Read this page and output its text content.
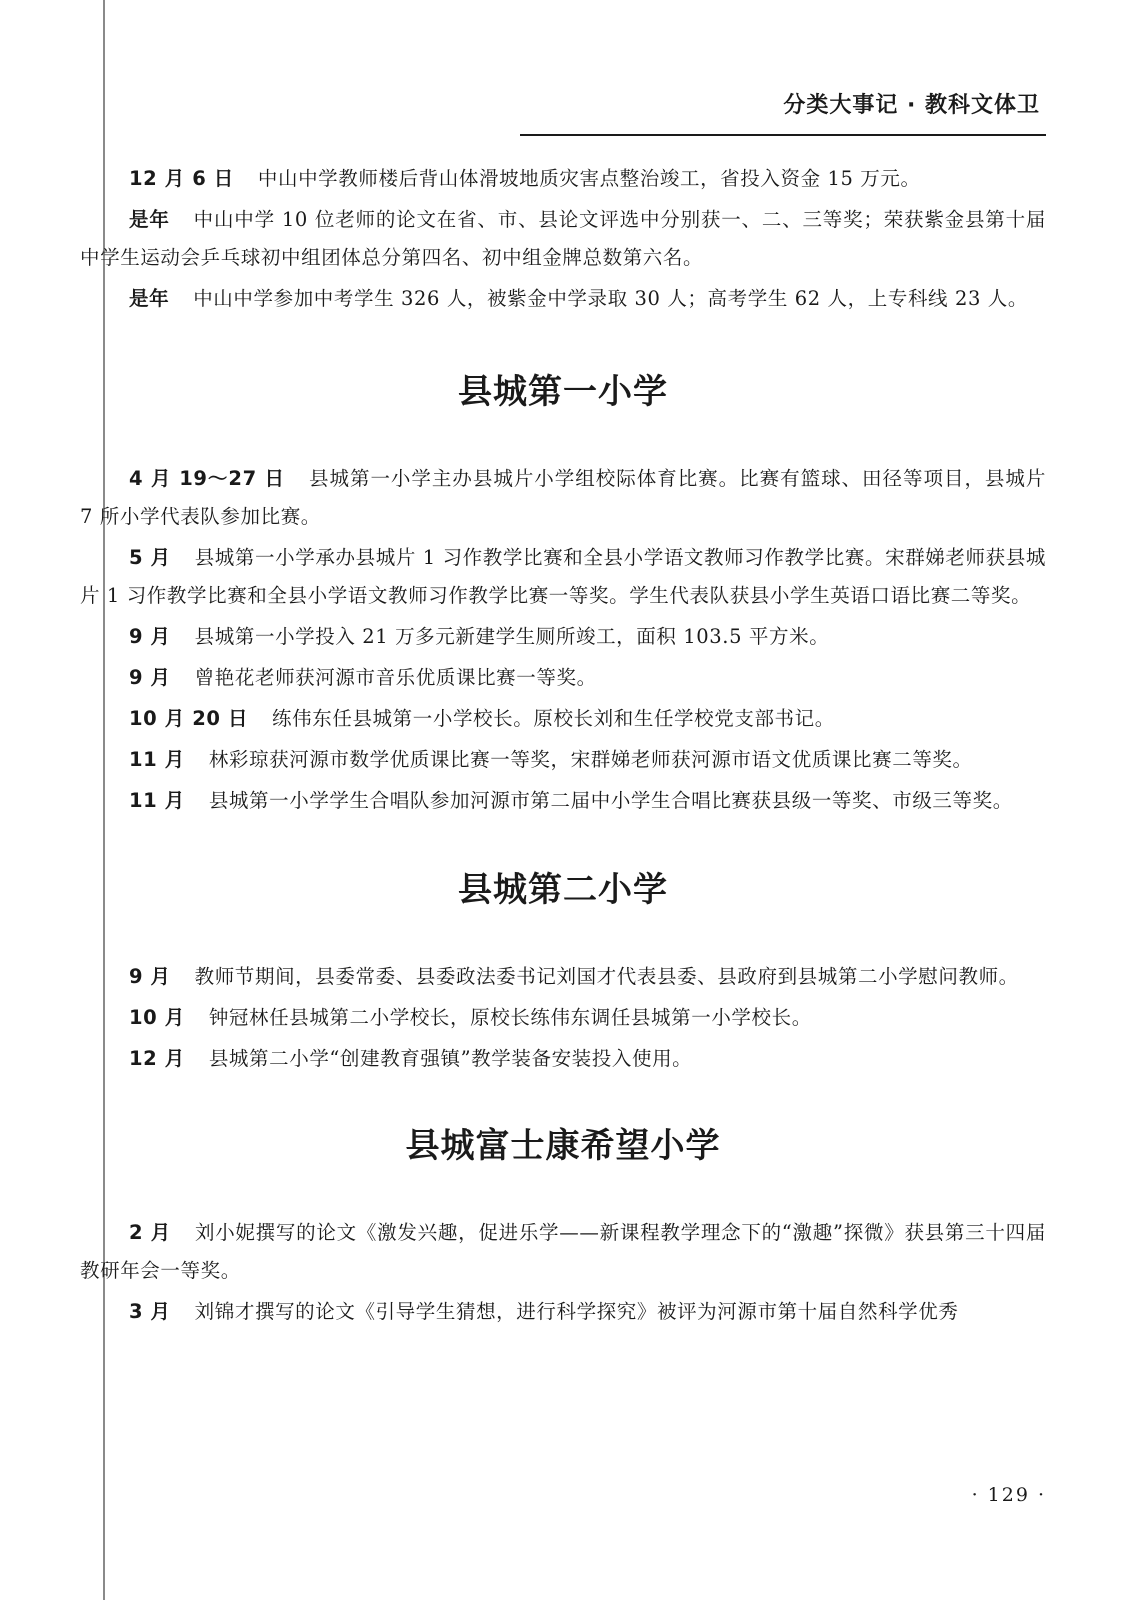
分类大事记 · 教科文体卫

12 月 6 日 中山中学教师楼后背山体滑坡地质灾害点整治竣工，省投入资金 15 万元。

是年 中山中学 10 位老师的论文在省、市、县论文评选中分别获一、二、三等奖；荣获紫金县第十届中学生运动会乒乓球初中组团体总分第四名、初中组金牌总数第六名。

是年 中山中学参加中考学生 326 人，被紫金中学录取 30 人；高考学生 62 人，上专科线 23 人。

县城第一小学

4 月 19～27 日 县城第一小学主办县城片小学组校际体育比赛。比赛有篮球、田径等项目，县城片 7 所小学代表队参加比赛。

5 月 县城第一小学承办县城片 1 习作教学比赛和全县小学语文教师习作教学比赛。宋群娣老师获县城片 1 习作教学比赛和全县小学语文教师习作教学比赛一等奖。学生代表队获县小学生英语口语比赛二等奖。

9 月 县城第一小学投入 21 万多元新建学生厕所竣工，面积 103.5 平方米。

9 月 曾艳花老师获河源市音乐优质课比赛一等奖。

10 月 20 日 练伟东任县城第一小学校长。原校长刘和生任学校党支部书记。

11 月 林彩琼获河源市数学优质课比赛一等奖，宋群娣老师获河源市语文优质课比赛二等奖。

11 月 县城第一小学学生合唱队参加河源市第二届中小学生合唱比赛获县级一等奖、市级三等奖。

县城第二小学

9 月 教师节期间，县委常委、县委政法委书记刘国才代表县委、县政府到县城第二小学慰问教师。

10 月 钟冠林任县城第二小学校长，原校长练伟东调任县城第一小学校长。

12 月 县城第二小学“创建教育强镇”教学装备安装投入使用。

县城富士康希望小学

2 月 刘小妮撰写的论文《激发兴趣，促进乐学——新课程教学理念下的“激趣”探微》获县第三十四届教研年会一等奖。

3 月 刘锦才撰写的论文《引导学生猜想，进行科学探究》被评为河源市第十届自然科学优秀

· 129 ·
